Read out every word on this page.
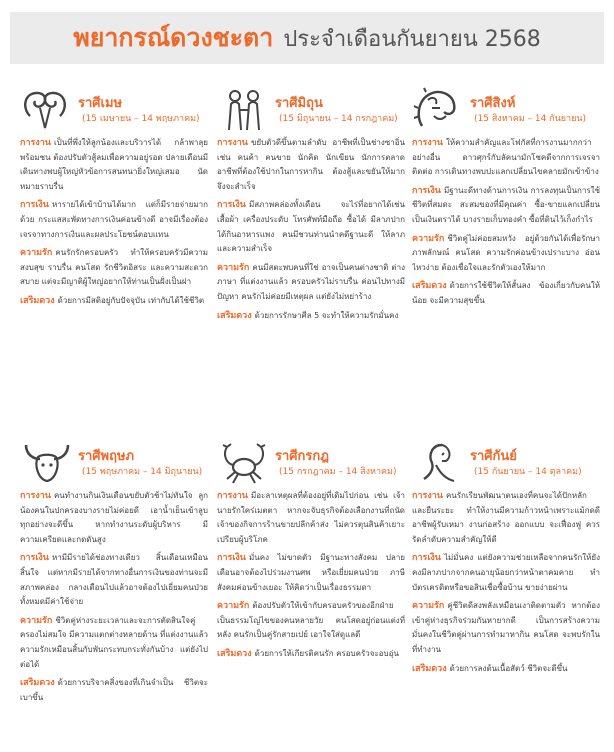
พยากรณ์ดวงชะตา ประจำเดือนกันยายน 2568
ราศีเมษ
(15 เมษายน – 14 พฤษภาคม)

การงาน เป็นที่พึ่งให้ลูกน้องและบริวารได้ กล้าพาลุย พร้อมชน ต้องปรับตัวสู้ลมเพื่อความอยู่รอด ปลายเดือนมีเดินทางพบผู้ใหญ่หัวข้อการสนทนายิ่งใหญ่เสมอ นัดหมายราบรื่น

การเงิน หารายได้เข้าบ้านได้มาก แต่ก็มีรายจ่ายมากด้วย กระแสสะพัดทางการเงินค่อนข้างดี อาจมีเรื่องต้องเจรจาทางการเงินและผลประโยชน์ตอบแทน

ความรัก คนรักรักครอบครัว ทำให้ครอบครัวมีความสงบสุข ราบรื่น คนโสด รักชีวิตอิสระ และความสะดวกสบาย แต่จะมีญาติผู้ใหญ่อยากให้ท่านเป็นฝั่งเป็นฝา

เสริมดวง ด้วยการมีสติอยู่กับปัจจุบัน เท่ากับได้ใช้ชีวิต

ราศีมิถุน
(15 มิถุนายน – 14 กรกฎาคม)

การงาน ขยับตัวดีขึ้นตามลำดับ อาชีพที่เป็นช่างซาอิ่น เช่น คนค้า คนขาย นักคิด นักเขียน นักการตลาด อาชีพที่ต้องใช้ปากในการหากิน ต้องสู้และขยันให้มากจึงจะสำเร็จ

การเงิน มีสภาพคล่องทั้งเดือน จะไร่ที่อยากได้เช่น เสื้อผ้า เครื่องประดับ โทรศัพท์มือถือ ซื้อได้ มีลาภปากได้กินอาหารแพง คนมีชวนท่านนำคดีฐานะดี ให้ลาภและความสำเร็จ

ความรัก คนมีสตะพบคนที่ใช่ อาจเป็นคนต่างชาติ ต่างภาษา ที่แต่งงานแล้ว ครอบครัวไม่ราบรื่น ค่อนไปทางมีปัญหา คนรักไม่ค่อยมีเหตุผล แต่ยังไม่หย่าร้าง

เสริมดวง ด้วยการรักษาศีล 5 จะทำให้ความรักมั่นคง

ราศีสิงห์
(15 สิงหาคม – 14 กันยายน)

การงาน ให้ความสำคัญและโฟกัสที่การงานมากกว่าอย่างอื่น ดาวศุกร์กับลัคนามักโชคดีจากการเจรจาติดต่อ การเดินทางพบปะแลกเปลี่ยนไขคลายมักเข้าข้าง

การเงิน มีฐานะดีทางด้านการเงิน การลงทุนเป็นการใช้ชีวิตที่สมดะ สะสมของที่มีคุณค่า ซื้อ-ขายแลกเปลี่ยนเป็นเงินตราได้ บางรายเก็บทองคำ ซื้อที่ดินไว้เก็งกำไร

ความรัก ชีวิตคู่ไม่ค่อยสมหวัง อยู่ด้วยกันได้เพื่อรักษาภาพลักษณ์ คนโสด ความรักค่อนข้างเปราะบาง อ่อนไหวง่าย ต้องเชื่อใจและรักตัวเองให้มาก

เสริมดวง ด้วยการใช้ชีวิตให้สั้นลง ข้องเกี่ยวกับคนให้น้อย จะมีความสุขขึ้น

ราศีพฤษภ
(15 พฤษภาคม – 14 มิถุนายน)

การงาน คนทำงานกินเงินเดือนขยับตัวช้าไม่ทันใจ ลูกน้องคนในปกครองบางรายไม่ค่อยดี เอาน้ำเย็นเข้าลูบทุกอย่างจะดีขึ้น หากทำงานระดับผู้บริหาร มีความเครียดและกดดันสูง

การเงิน หามีมีรายได้ช่องทางเดียว สิ้นเดือนเหมือนสิ้นใจ แต่หากมีรายได้จากทางอื่นการเงินของท่านจะมีสภาพคล่อง กลางเดือนไปแล้วอาจต้องไปเยี่ยมคนป่วย ทั้งหมดมีค่าใช้จ่าย

ความรัก ชีวิตคู่ห่างระยะเวลาและจะการตัดสินใจคู่ครองไม่สมใจ มีความแตกต่างหลายด้าน ที่แต่งงานแล้ว ความรักเหมือนสิ้นกับพันกระทบกระทั่งกันบ้าง แต่ยังไปต่อได้

เสริมดวง ด้วยการบริจาคสิ่งของที่เกินจำเป็น ชีวิตจะเบาขึ้น

ราศีกรกฎ
(15 กรกฎาคม – 14 สิงหาคม)

การงาน มีอะลาเหตุผลที่ต้องอยู่ที่เดิมไปก่อน เช่น เจ้านายรักใคร่เมตตา หากจะจับธุรกิจต้องเลือกงานที่ถนัด เจ้าของกิจการร้านขายปลีกค้าส่ง ไม่ควรตุนสินค้าเยาะเปรียบผู้บริโภค

การเงิน มั่นคง ไม่ขาดตัว มีฐานะทางสังคม ปลายเดือนอาจต้องไปร่วมงานศพ หรือเยี่ยมคนป่วย ภาษีสังคมค่อนข้างเยอะ ให้คิดว่าเป็นเรื่องธรรมดา

ความรัก ต้องปรับตัวให้เข้ากับครอบครัวของอีกฝ่าย เป็นธรรมโญ่ไขของคนหลายวัย คนโสดอยู่ก่อนแต่งที่หลัง คนรักเป็นคู่รักสายเปย์ เอาใจใส่ดูแลดี

เสริมดวง ด้วยการให้เกียรติคนรัก ครอบครัวจะอบอุ่น

ราศีกันย์
(15 กันยายน – 14 ตุลาคม)

การงาน คนรักเรียนพัฒนาตนเองที่คนจะได้ปักหลักและยืนระยะ ทำให้งานมีความก้าวหน้าเพราะแม้กดดี อาชีพผู้รับเหมา งานก่อสร้าง ออกแบบ จะเฟื่องฟู ควรรัดลำดับความสำคัญให้ดี

การเงิน ไม่มั่นคง แต่ยังความช่วยเหลือจากคนรักให้ยังคงมีลาภปากจากคนอายุน้อยกว่าหน้าตาคมคาย ทำบัตรเครดิตหรือขอสินเชื่อซื้อบ้าน ขายง่ายผ่าน

ความรัก คู่ชีวิตดีสงพลังเหมือนเงาติดตามตัว หากต้องเข้าคู่ห่างธุรกิจร่วมกันหายากดี เป็นการสร้างความมั่นคงในชีวิตคู่ผ่านการทำมาหากิน คนโสด จะพบรักในที่ทำงาน

เสริมดวง ด้วยการลงต้นเนื้อสัตว์ ชีวิตจะดีขึ้น
